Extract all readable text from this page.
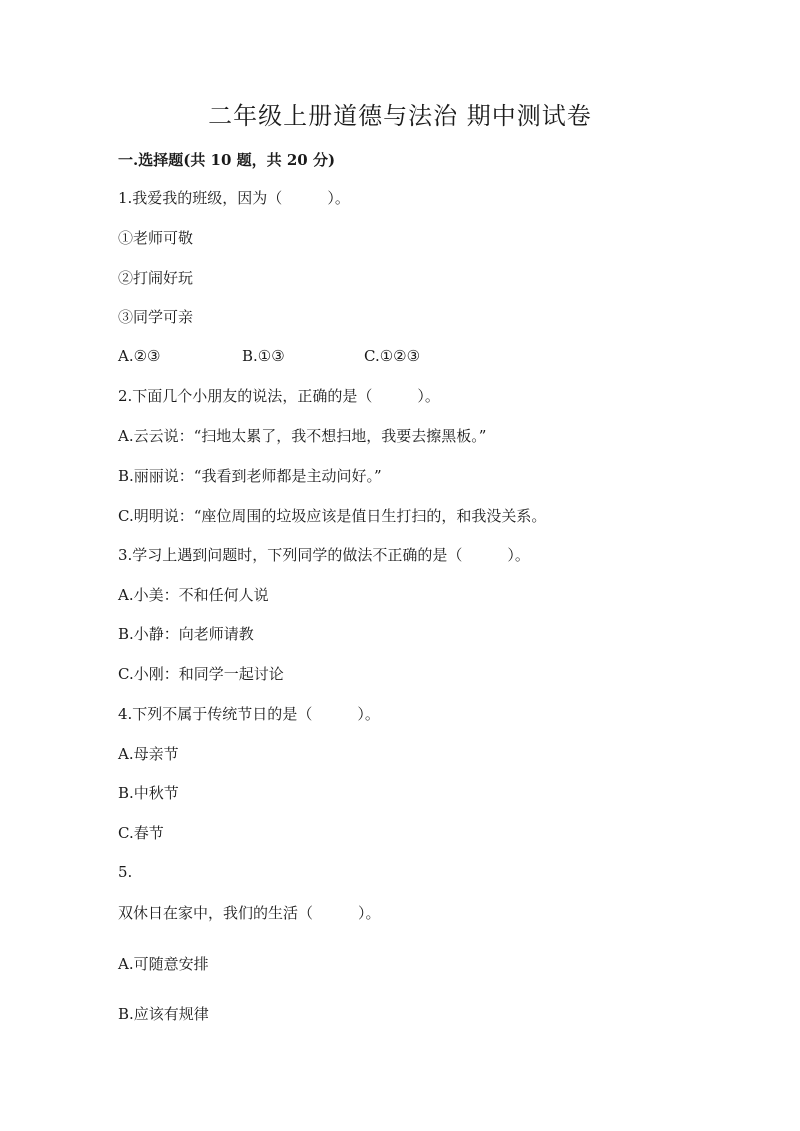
二年级上册道德与法治 期中测试卷
一.选择题(共 10 题，共 20 分)
1.我爱我的班级，因为（　　　）。
①老师可敬
②打闹好玩
③同学可亲
A.②③	B.①③	C.①②③
2.下面几个小朋友的说法，正确的是（　　　）。
A.云云说：“扫地太累了，我不想扫地，我要去擦黑板。”
B.丽丽说：“我看到老师都是主动问好。”
C.明明说：“座位周围的垃圾应该是值日生打扫的，和我没关系。
3.学习上遇到问题时，下列同学的做法不正确的是（　　　）。
A.小美：不和任何人说
B.小静：向老师请教
C.小刚：和同学一起讨论
4.下列不属于传统节日的是（　　　）。
A.母亲节
B.中秋节
C.春节
5.
双休日在家中，我们的生活（　　　）。
A.可随意安排
B.应该有规律
